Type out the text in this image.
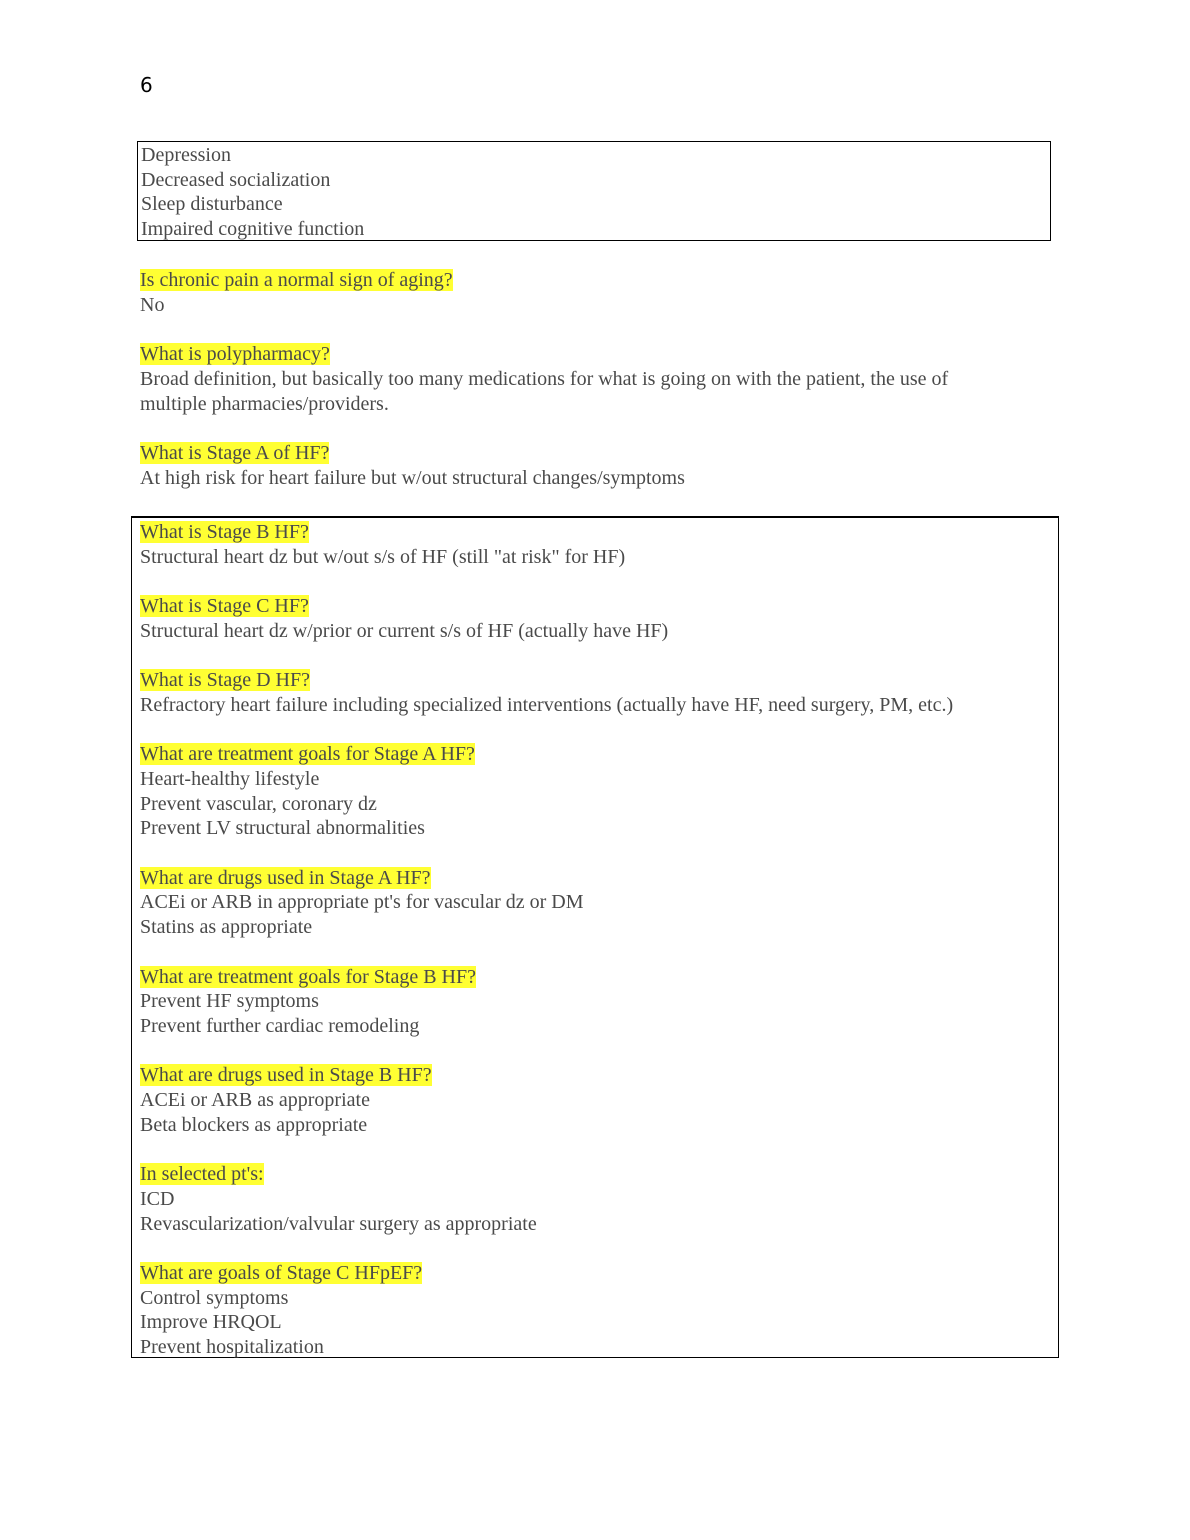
6
Depression
Decreased socialization
Sleep disturbance
Impaired cognitive function
Is chronic pain a normal sign of aging?
No
What is polypharmacy?
Broad definition, but basically too many medications for what is going on with the patient, the use of
multiple pharmacies/providers.
What is Stage A of HF?
At high risk for heart failure but w/out structural changes/symptoms
What is Stage B HF?
Structural heart dz but w/out s/s of HF (still "at risk" for HF)
What is Stage C HF?
Structural heart dz w/prior or current s/s of HF (actually have HF)
What is Stage D HF?
Refractory heart failure including specialized interventions (actually have HF, need surgery, PM, etc.)
What are treatment goals for Stage A HF?
Heart-healthy lifestyle
Prevent vascular, coronary dz
Prevent LV structural abnormalities
What are drugs used in Stage A HF?
ACEi or ARB in appropriate pt's for vascular dz or DM
Statins as appropriate
What are treatment goals for Stage B HF?
Prevent HF symptoms
Prevent further cardiac remodeling
What are drugs used in Stage B HF?
ACEi or ARB as appropriate
Beta blockers as appropriate
In selected pt's:
ICD
Revascularization/valvular surgery as appropriate
What are goals of Stage C HFpEF?
Control symptoms
Improve HRQOL
Prevent hospitalization
